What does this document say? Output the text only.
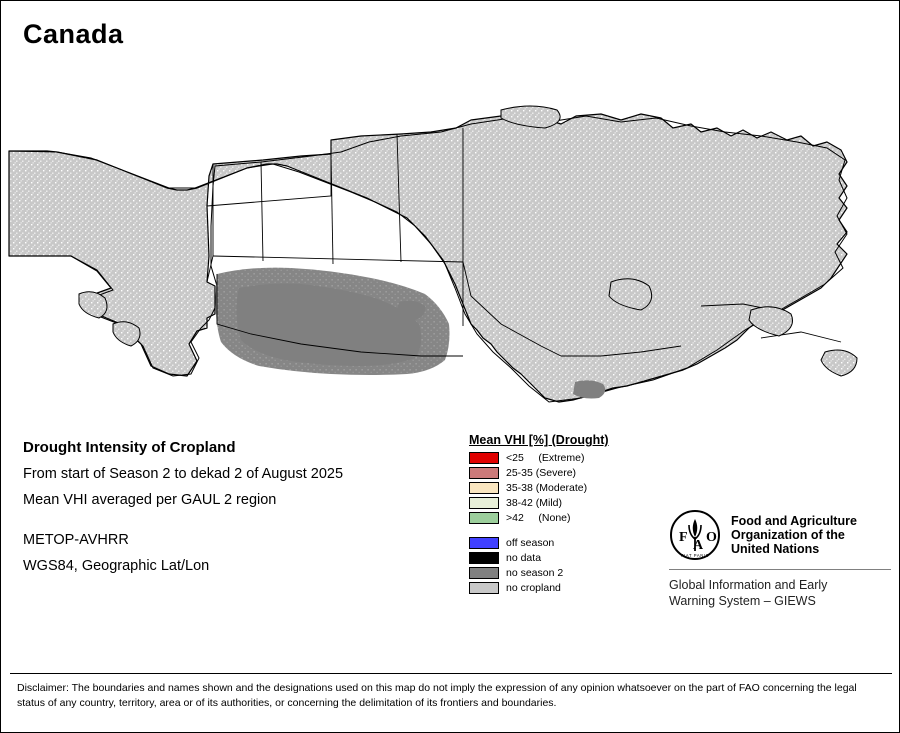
Canada
Drought Intensity of Cropland
From start of Season 2 to dekad 2 of August 2025
Mean VHI averaged per GAUL 2 region
METOP-AVHRR
WGS84, Geographic Lat/Lon
Mean VHI [%] (Drought)
<25     (Extreme)
25-35 (Severe)
35-38 (Moderate)
38-42 (Mild)
>42     (None)
off season
no data
no season 2
no cropland
F
A
O
FIAT PANIS
Food and Agriculture
Organization of the
United Nations
Global Information and Early
Warning System – GIEWS
Disclaimer: The boundaries and names shown and the designations used on this map do not imply the expression of any opinion whatsoever on the part of FAO concerning the legal status of any country, territory, area or of its authorities, or concerning the delimitation of its frontiers and boundaries.
